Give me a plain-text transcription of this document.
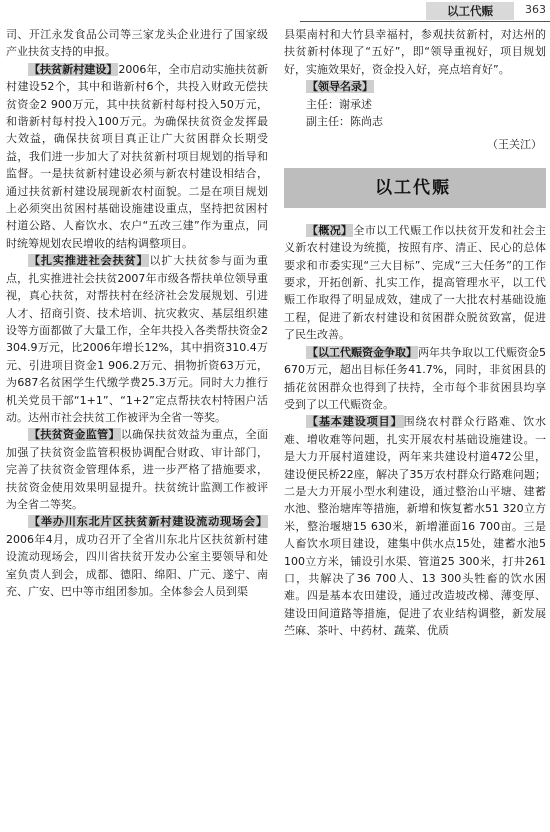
以工代赈	363

司、开江永发食品公司等三家龙头企业进行了国家级产业扶贫支持的申报。

【扶贫新村建设】2006年，全市启动实施扶贫新村建设52个，其中和谐新村6个，共投入财政无偿扶贫资金2 900万元，其中扶贫新村每村投入50万元，和谐新村每村投入100万元。为确保扶贫资金发挥最大效益，确保扶贫项目真正让广大贫困群众长期受益，我们进一步加大了对扶贫新村项目规划的指导和监督。一是扶贫新村建设必须与新农村建设相结合，通过扶贫新村建设展现新农村面貌。二是在项目规划上必须突出贫困村基础设施建设重点，坚持把贫困村村道公路、人畜饮水、农户“五改三建”作为重点，同时统筹规划农民增收的结构调整项目。

【扎实推进社会扶贫】以扩大扶贫参与面为重点，扎实推进社会扶贫2007年市级各帮扶单位领导重视，真心扶贫，对帮扶村在经济社会发展规划、引进人才、招商引资、技术培训、抗灾救灾、基层组织建设等方面都做了大量工作，全年共投入各类帮扶资金2 304.9万元，比2006年增长12%，其中捐资310.4万元、引进项目资金1 906.2万元、捐物折资63万元，为687名贫困学生代缴学费25.3万元。同时大力推行机关党员干部“1+1”、“1+2”定点帮扶农村特困户活动。达州市社会扶贫工作被评为全省一等奖。

【扶贫资金监管】以确保扶贫效益为重点，全面加强了扶贫资金监管积极协调配合财政、审计部门，完善了扶贫资金管理体系，进一步严格了措施要求，扶贫资金使用效果明显提升。扶贫统计监测工作被评为全省二等奖。

【举办川东北片区扶贫新村建设流动现场会】2006年4月，成功召开了全省川东北片区扶贫新村建设流动现场会，四川省扶贫开发办公室主要领导和处室负责人到会，成都、德阳、绵阳、广元、遂宁、南充、广安、巴中等市组团参加。全体参会人员到渠

县渠南村和大竹县幸福村，参观扶贫新村，对达州的扶贫新村体现了“五好”，即“领导重视好，项目规划好，实施效果好，资金投入好，亮点培育好”。

【领导名录】

主任：谢承述

副主任：陈尚志

（王关江）

以工代赈

【概况】全市以工代赈工作以扶贫开发和社会主义新农村建设为统揽，按照有序、清正、民心的总体要求和市委实现“三大目标”、完成“三大任务”的工作要求，开拓创新、扎实工作，提高管理水平，以工代赈工作取得了明显成效，建成了一大批农村基础设施工程，促进了新农村建设和贫困群众脱贫致富，促进了民生改善。

【以工代赈资金争取】两年共争取以工代赈资金5 670万元，超出目标任务41.7%，同时，非贫困县的插花贫困群众也得到了扶持，全市每个非贫困县均享受到了以工代赈资金。

【基本建设项目】围绕农村群众行路难、饮水难、增收难等问题，扎实开展农村基础设施建设。一是大力开展村道建设，两年来共建设村道472公里，建设便民桥22座，解决了35万农村群众行路难问题；二是大力开展小型水利建设，通过整治山平塘、建蓄水池、整治塘库等措施，新增和恢复蓄水51 320立方米，整治堰塘15 630米，新增灌面16 700亩。三是人畜饮水项目建设，建集中供水点15处，建蓄水池5 100立方米，铺设引水渠、管道25 300米，打井261口，共解决了36 700人、13 300头牲畜的饮水困难。四是基本农田建设，通过改造坡改梯、薄变厚、建设田间道路等措施，促进了农业结构调整，新发展苎麻、茶叶、中药材、蔬菜、优质
